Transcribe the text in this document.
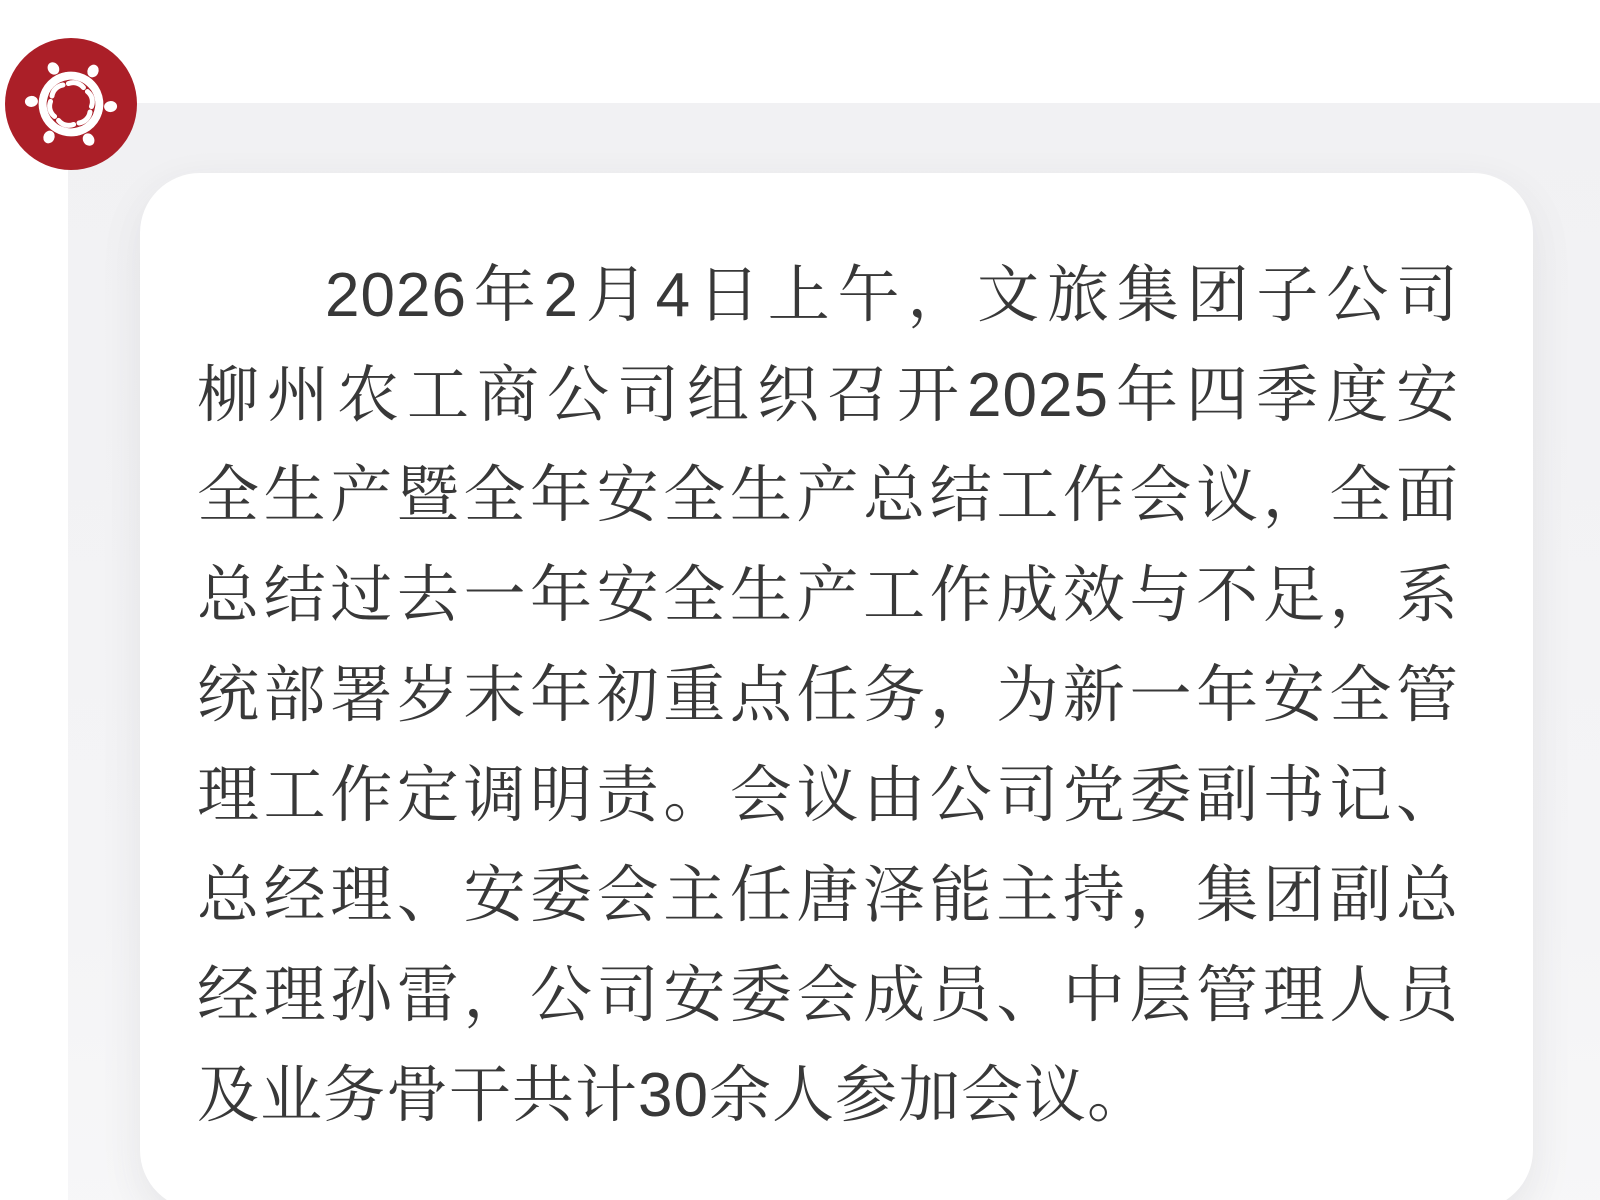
2026年2月4日上午，文旅集团子公司
柳州农工商公司组织召开2025年四季度安
全生产暨全年安全生产总结工作会议，全面
总结过去一年安全生产工作成效与不足，系
统部署岁末年初重点任务，为新一年安全管
理工作定调明责。会议由公司党委副书记、
总经理、安委会主任唐泽能主持，集团副总
经理孙雷，公司安委会成员、中层管理人员
及业务骨干共计30余人参加会议。
